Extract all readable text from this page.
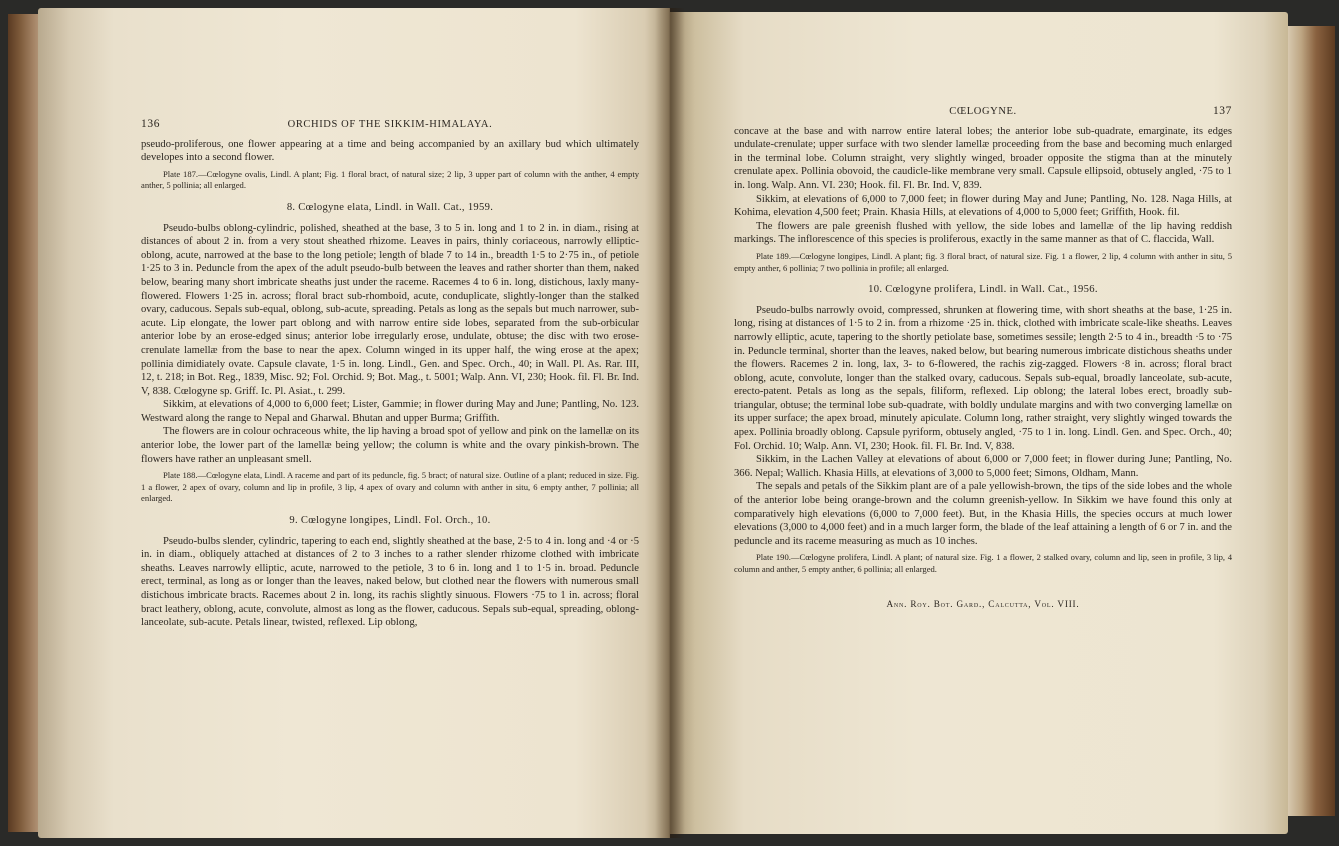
136	ORCHIDS OF THE SIKKIM-HIMALAYA.

pseudo-proliferous, one flower appearing at a time and being accompanied by an axillary bud which ultimately developes into a second flower.

Plate 187.—Cœlogyne ovalis, Lindl. A plant; Fig. 1 floral bract, of natural size; 2 lip, 3 upper part of column with the anther, 4 empty anther, 5 pollinia; all enlarged.

8. Cœlogyne elata, Lindl. in Wall. Cat., 1959.

Pseudo-bulbs oblong-cylindric, polished, sheathed at the base, 3 to 5 in. long and 1 to 2 in. in diam., rising at distances of about 2 in. from a very stout sheathed rhizome. Leaves in pairs, thinly coriaceous, narrowly elliptic-oblong, acute, narrowed at the base to the long petiole; length of blade 7 to 14 in., breadth 1·5 to 2·75 in., of petiole 1·25 to 3 in. Peduncle from the apex of the adult pseudo-bulb between the leaves and rather shorter than them, naked below, bearing many short imbricate sheaths just under the raceme. Racemes 4 to 6 in. long, distichous, laxly many-flowered. Flowers 1·25 in. across; floral bract sub-rhomboid, acute, conduplicate, slightly-longer than the stalked ovary, caducous. Sepals sub-equal, oblong, sub-acute, spreading. Petals as long as the sepals but much narrower, sub-acute. Lip elongate, the lower part oblong and with narrow entire side lobes, separated from the sub-orbicular anterior lobe by an erose-edged sinus; anterior lobe irregularly erose, undulate, obtuse; the disc with two erose-crenulate lamellæ from the base to near the apex. Column winged in its upper half, the wing erose at the apex; pollinia dimidiately ovate. Capsule clavate, 1·5 in. long. Lindl., Gen. and Spec. Orch., 40; in Wall. Pl. As. Rar. III, 12, t. 218; in Bot. Reg., 1839, Misc. 92; Fol. Orchid. 9; Bot. Mag., t. 5001; Walp. Ann. VI, 230; Hook. fil. Fl. Br. Ind. V, 838. Cœlogyne sp. Griff. Ic. Pl. Asiat., t. 299.

Sikkim, at elevations of 4,000 to 6,000 feet; Lister, Gammie; in flower during May and June; Pantling, No. 123. Westward along the range to Nepal and Gharwal. Bhutan and upper Burma; Griffith.

The flowers are in colour ochraceous white, the lip having a broad spot of yellow and pink on the lamellæ on its anterior lobe, the lower part of the lamellæ being yellow; the column is white and the ovary pinkish-brown. The flowers have rather an unpleasant smell.

Plate 188.—Cœlogyne elata, Lindl. A raceme and part of its peduncle, fig. 5 bract; of natural size. Outline of a plant; reduced in size. Fig. 1 a flower, 2 apex of ovary, column and lip in profile, 3 lip, 4 apex of ovary and column with anther in situ, 6 empty anther, 7 pollinia; all enlarged.

9. Cœlogyne longipes, Lindl. Fol. Orch., 10.

Pseudo-bulbs slender, cylindric, tapering to each end, slightly sheathed at the base, 2·5 to 4 in. long and ·4 or ·5 in. in diam., obliquely attached at distances of 2 to 3 inches to a rather slender rhizome clothed with imbricate sheaths. Leaves narrowly elliptic, acute, narrowed to the petiole, 3 to 6 in. long and 1 to 1·5 in. broad. Peduncle erect, terminal, as long as or longer than the leaves, naked below, but clothed near the flowers with numerous small distichous imbricate bracts. Racemes about 2 in. long, its rachis slightly sinuous. Flowers ·75 to 1 in. across; floral bract leathery, oblong, acute, convolute, almost as long as the flower, caducous. Sepals sub-equal, spreading, oblong-lanceolate, sub-acute. Petals linear, twisted, reflexed. Lip oblong,

CŒLOGYNE.	137

concave at the base and with narrow entire lateral lobes; the anterior lobe sub-quadrate, emarginate, its edges undulate-crenulate; upper surface with two slender lamellæ proceeding from the base and becoming much enlarged in the terminal lobe. Column straight, very slightly winged, broader opposite the stigma than at the minutely crenulate apex. Pollinia obovoid, the caudicle-like membrane very small. Capsule ellipsoid, obtusely angled, ·75 to 1 in. long. Walp. Ann. VI. 230; Hook. fil. Fl. Br. Ind. V, 839.

Sikkim, at elevations of 6,000 to 7,000 feet; in flower during May and June; Pantling, No. 128. Naga Hills, at Kohima, elevation 4,500 feet; Prain. Khasia Hills, at elevations of 4,000 to 5,000 feet; Griffith, Hook. fil.

The flowers are pale greenish flushed with yellow, the side lobes and lamellæ of the lip having reddish markings. The inflorescence of this species is proliferous, exactly in the same manner as that of C. flaccida, Wall.

Plate 189.—Cœlogyne longipes, Lindl. A plant; fig. 3 floral bract, of natural size. Fig. 1 a flower, 2 lip, 4 column with anther in situ, 5 empty anther, 6 pollinia; 7 two pollinia in profile; all enlarged.

10. Cœlogyne prolifera, Lindl. in Wall. Cat., 1956.

Pseudo-bulbs narrowly ovoid, compressed, shrunken at flowering time, with short sheaths at the base, 1·25 in. long, rising at distances of 1·5 to 2 in. from a rhizome ·25 in. thick, clothed with imbricate scale-like sheaths. Leaves narrowly elliptic, acute, tapering to the shortly petiolate base, sometimes sessile; length 2·5 to 4 in., breadth ·5 to ·75 in. Peduncle terminal, shorter than the leaves, naked below, but bearing numerous imbricate distichous sheaths under the flowers. Racemes 2 in. long, lax, 3- to 6-flowered, the rachis zig-zagged. Flowers ·8 in. across; floral bract oblong, acute, convolute, longer than the stalked ovary, caducous. Sepals sub-equal, broadly lanceolate, sub-acute, erecto-patent. Petals as long as the sepals, filiform, reflexed. Lip oblong; the lateral lobes erect, broadly sub-triangular, obtuse; the terminal lobe sub-quadrate, with boldly undulate margins and with two converging lamellæ on its upper surface; the apex broad, minutely apiculate. Column long, rather straight, very slightly winged towards the apex. Pollinia broadly oblong. Capsule pyriform, obtusely angled, ·75 to 1 in. long. Lindl. Gen. and Spec. Orch., 40; Fol. Orchid. 10; Walp. Ann. VI, 230; Hook. fil. Fl. Br. Ind. V, 838.

Sikkim, in the Lachen Valley at elevations of about 6,000 or 7,000 feet; in flower during June; Pantling, No. 366. Nepal; Wallich. Khasia Hills, at elevations of 3,000 to 5,000 feet; Simons, Oldham, Mann.

The sepals and petals of the Sikkim plant are of a pale yellowish-brown, the tips of the side lobes and the whole of the anterior lobe being orange-brown and the column greenish-yellow. In Sikkim we have found this only at comparatively high elevations (6,000 to 7,000 feet). But, in the Khasia Hills, the species occurs at much lower elevations (3,000 to 4,000 feet) and in a much larger form, the blade of the leaf attaining a length of 6 or 7 in. and the peduncle and its raceme measuring as much as 10 inches.

Plate 190.—Cœlogyne prolifera, Lindl. A plant; of natural size. Fig. 1 a flower, 2 stalked ovary, column and lip, seen in profile, 3 lip, 4 column and anther, 5 empty anther, 6 pollinia; all enlarged.

Ann. Roy. Bot. Gard., Calcutta, Vol. VIII.
